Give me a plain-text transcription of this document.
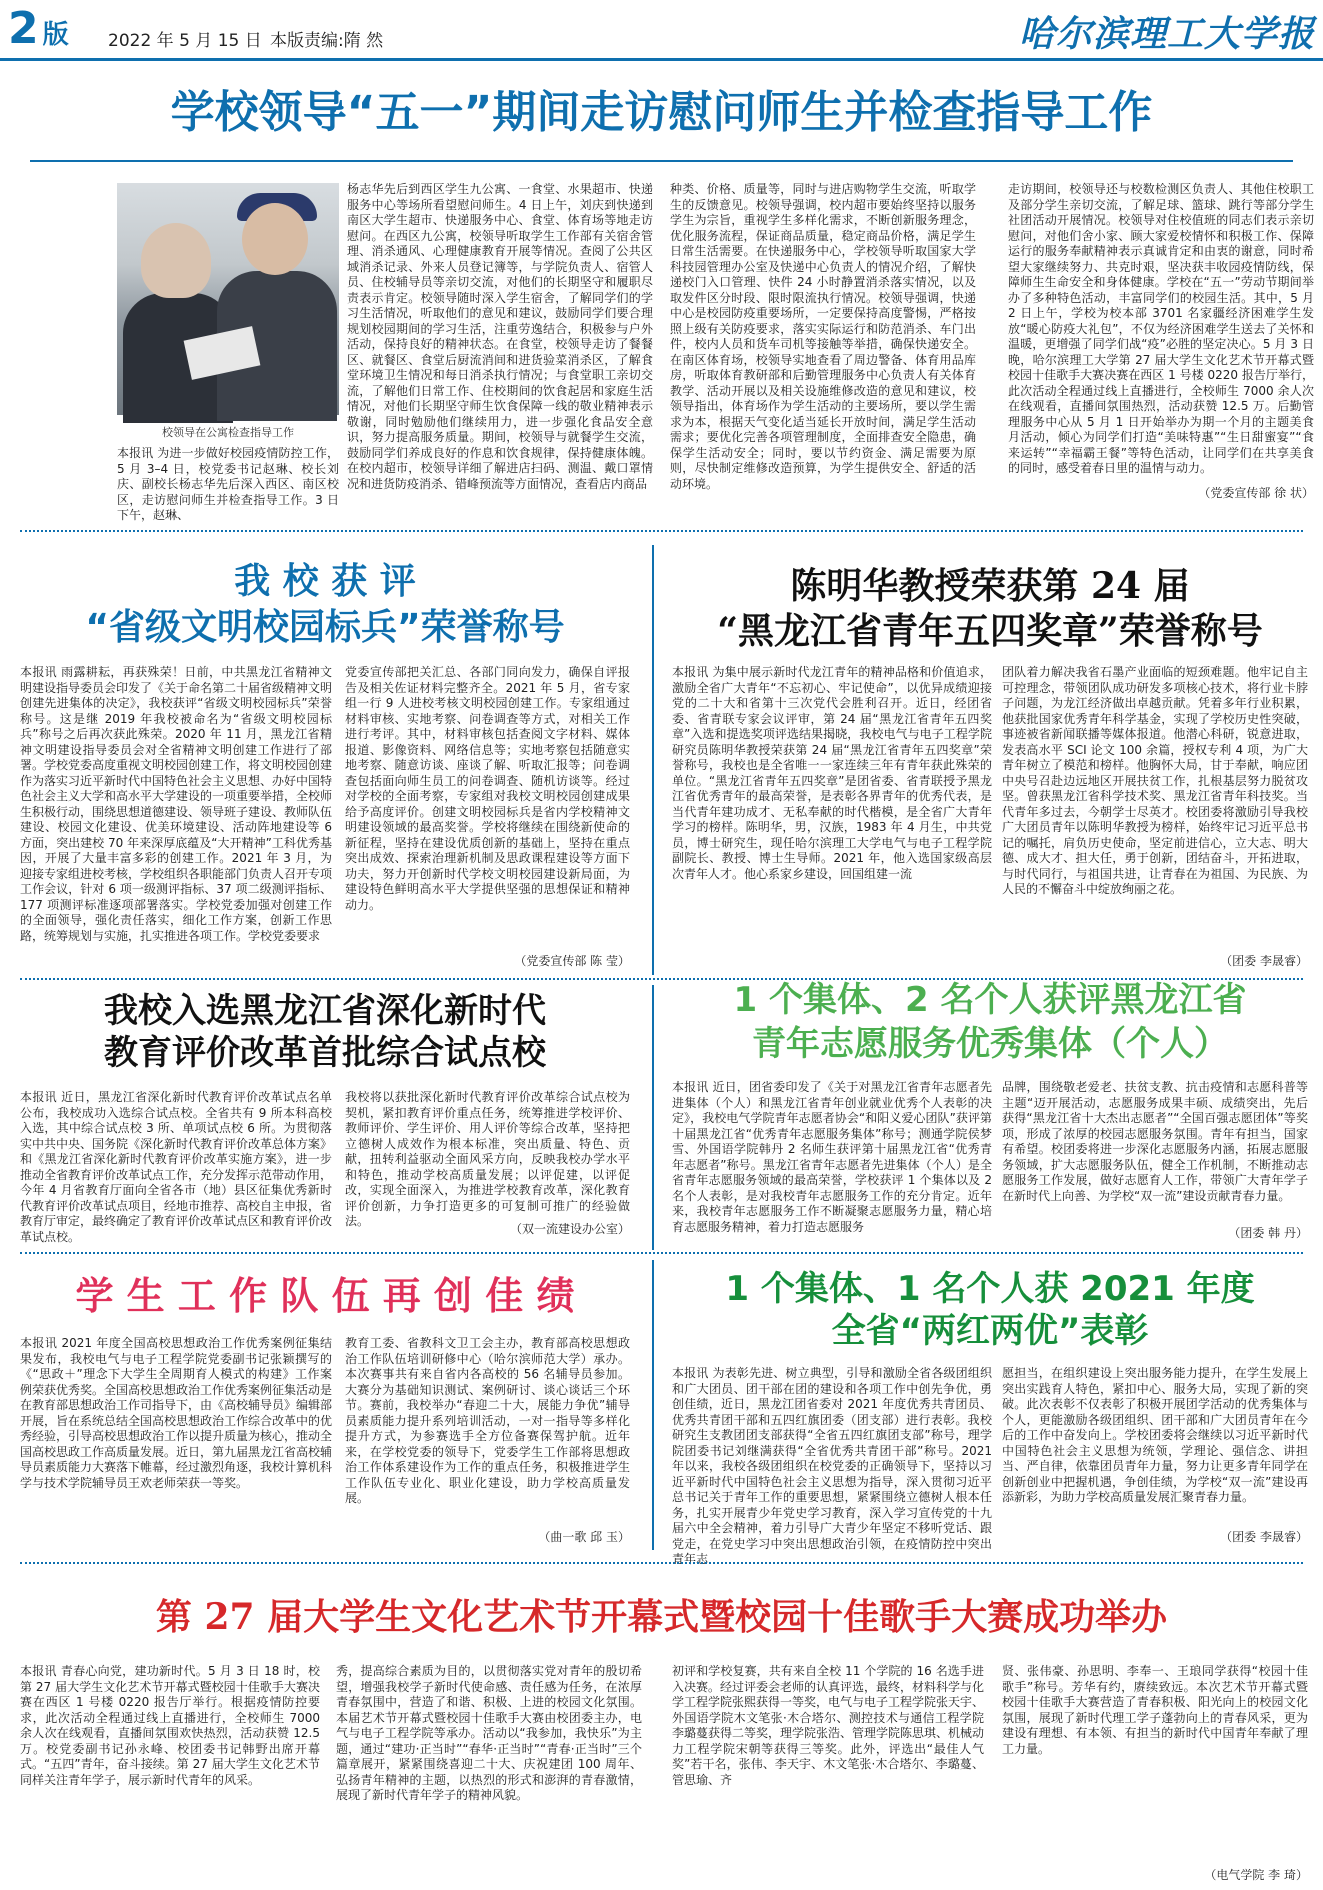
2 版 2022 年 5 月 15 日 本版责编:隋 然	哈尔滨理工大学报
学校领导“五一”期间走访慰问师生并检查指导工作
校领导在公寓检查指导工作
本报讯 为进一步做好校园疫情防控工作，5 月 3–4 日，校党委书记赵琳、校长刘庆、副校长杨志华先后深入西区、南区校区，走访慰问师生并检查指导工作。3 日下午，赵琳、
杨志华先后到西区学生九公寓、一食堂、水果超市、快递服务中心等场所看望慰问师生。4 日上午，刘庆到快递到南区大学生超市、快递服务中心、食堂、体育场等地走访慰问。在西区九公寓，校领导听取学生工作部有关宿舍管理、消杀通风、心理健康教育开展等情况。查阅了公共区域消杀记录、外来人员登记簿等，与学院负责人、宿管人员、住校辅导员等亲切交流，对他们的长期坚守和履职尽责表示肯定。校领导随时深入学生宿舍，了解同学们的学习生活情况，听取他们的意见和建议，鼓励同学们要合理规划校园期间的学习生活，注重劳逸结合，积极参与户外活动，保持良好的精神状态。在食堂，校领导走访了餐餐区、就餐区、食堂后厨流消间和进货验菜消杀区，了解食堂环境卫生情况和每日消杀执行情况；与食堂职工亲切交流，了解他们日常工作、住校期间的饮食起居和家庭生活情况，对他们长期坚守师生饮食保障一线的敬业精神表示敬谢，同时勉励他们继续用力，进一步强化食品安全意识，努力提高服务质量。期间，校领导与就餐学生交流，鼓励同学们养成良好的作息和饮食规律，保持健康体魄。在校内超市，校领导详细了解进店扫码、测温、戴口罩情况和进货防疫消杀、错峰预流等方面情况，查看店内商品
种类、价格、质量等，同时与进店购物学生交流，听取学生的反馈意见。校领导强调，校内超市要始终坚持以服务学生为宗旨，重视学生多样化需求，不断创新服务理念，优化服务流程，保证商品质量，稳定商品价格，满足学生日常生活需要。在快递服务中心，学校领导听取国家大学科技园管理办公室及快递中心负责人的情况介绍，了解快递校门入口管理、快件 24 小时静置消杀落实情况，以及取发件区分时段、限时限流执行情况。校领导强调，快递中心是校园防疫重要场所，一定要保持高度警惕，严格按照上级有关防疫要求，落实实际运行和防范消杀、车门出件，校内人员和货车司机等接触等举措，确保快递安全。在南区体育场，校领导实地查看了周边警备、体育用品库房，听取体育教研部和后勤管理服务中心负责人有关体育教学、活动开展以及相关设施维修改造的意见和建议，校领导指出，体育场作为学生活动的主要场所，要以学生需求为本，根据天气变化适当延长开放时间，满足学生活动需求；要优化完善各项管理制度，全面排查安全隐患，确保学生活动安全；同时，要以节约资金、满足需要为原则，尽快制定维修改造预算，为学生提供安全、舒适的活动环境。
走访期间，校领导还与校数检测区负责人、其他住校职工及部分学生亲切交流，了解足球、篮球、跳行等部分学生社团活动开展情况。校领导对住校值班的同志们表示亲切慰问，对他们舍小家、顾大家爱校情怀和积极工作、保障运行的服务奉献精神表示真诚肯定和由衷的谢意，同时希望大家继续努力、共克时艰，坚决获丰收园疫情防线，保障师生生命安全和身体健康。学校在“五一”劳动节期间举办了多种特色活动，丰富同学们的校园生活。其中，5 月 2 日上午，学校为校本部 3701 名家疆经济困难学生发放“暖心防疫大礼包”，不仅为经济困难学生送去了关怀和温暖，更增强了同学们战“疫”必胜的坚定决心。5 月 3 日晚，哈尔滨理工大学第 27 届大学生文化艺术节开幕式暨校园十佳歌手大赛决赛在西区 1 号楼 0220 报告厅举行，此次活动全程通过线上直播进行，全校师生 7000 余人次在线观看，直播间氛围热烈，活动获赞 12.5 万。后勤管理服务中心从 5 月 1 日开始举办为期一个月的主题美食月活动，倾心为同学们打造“美味特惠”“生日甜蜜宴”“食来运转”“幸福霸王餐”等特色活动，让同学们在共享美食的同时，感受着春日里的温情与动力。
（党委宣传部 徐 状）
我 校 获 评
“省级文明校园标兵”荣誉称号
本报讯 雨露耕耘，再获殊荣！日前，中共黑龙江省精神文明建设指导委员会印发了《关于命名第二十届省级精神文明创建先进集体的决定》，我校获评“省级文明校园标兵”荣誉称号。这是继 2019 年我校被命名为“省级文明校园标兵”称号之后再次获此殊荣。2020 年 11 月，黑龙江省精神文明建设指导委员会对全省精神文明创建工作进行了部署。学校党委高度重视文明校园创建工作，将文明校园创建作为落实习近平新时代中国特色社会主义思想、办好中国特色社会主义大学和高水平大学建设的一项重要举措，全校师生积极行动，围绕思想道德建设、领导班子建设、教师队伍建设、校园文化建设、优美环境建设、活动阵地建设等 6 方面，突出建校 70 年来深厚底蕴及“大开精神”工科优秀基因，开展了大量丰富多彩的创建工作。2021 年 3 月，为迎接专家组进校考核，学校组织各职能部门负责人召开专项工作会议，针对 6 项一级测评指标、37 项二级测评指标、177 项测评标准逐项部署落实。学校党委加强对创建工作的全面领导，强化责任落实，细化工作方案，创新工作思路，统筹规划与实施，扎实推进各项工作。学校党委要求
党委宣传部把关汇总、各部门同向发力，确保自评报告及相关佐证材料完整齐全。2021 年 5 月，省专家组一行 9 人进校考核文明校园创建工作。专家组通过材料审核、实地考察、问卷调查等方式，对相关工作进行考评。其中，材料审核包括查阅文字材料、媒体报道、影像资料、网络信息等；实地考察包括随意实地考察、随意访谈、座谈了解、听取汇报等；问卷调查包括面向师生员工的问卷调查、随机访谈等。经过对学校的全面考察，专家组对我校文明校园创建成果给予高度评价。创建文明校园标兵是省内学校精神文明建设领域的最高奖誉。学校将继续在围绕新使命的新征程，坚持在建设优质创新的基础上，坚持在重点突出成效、探索治理新机制及思政课程建设等方面下功夫，努力开创新时代学校文明校园建设新局面，为建设特色鲜明高水平大学提供坚强的思想保证和精神动力。
（党委宣传部 陈 莹）
陈明华教授荣获第 24 届
“黑龙江省青年五四奖章”荣誉称号
本报讯 为集中展示新时代龙江青年的精神品格和价值追求，激励全省广大青年“不忘初心、牢记使命”，以优异成绩迎接党的二十大和省第十三次党代会胜利召开。近日，经团省委、省青联专家会议评审，第 24 届“黑龙江省青年五四奖章”入选和提选奖项评选结果揭晓，我校电气与电子工程学院研究员陈明华教授荣获第 24 届“黑龙江省青年五四奖章”荣誉称号，我校也是全省唯一一家连续三年有青年获此殊荣的单位。“黑龙江省青年五四奖章”是团省委、省青联授予黑龙江省优秀青年的最高荣誉，是表彰各界青年的优秀代表，是当代青年建功成才、无私奉献的时代楷模，是全省广大青年学习的榜样。陈明华，男，汉族，1983 年 4 月生，中共党员，博士研究生，现任哈尔滨理工大学电气与电子工程学院副院长、教授、博士生导师。2021 年，他入选国家级高层次青年人才。他心系家乡建设，回国组建一流
团队着力解决我省石墨产业面临的短颈难题。他牢记自主可控理念，带领团队成功研发多项核心技术，将行业卡脖子问题，为龙江经济做出卓越贡献。凭着多年行业积累，他获批国家优秀青年科学基金，实现了学校历史性突破，事迹被省新闻联播等媒体报道。他潜心科研，锐意进取，发表高水平 SCI 论文 100 余篇，授权专利 4 项，为广大青年树立了模范和榜样。他胸怀大局，甘于奉献，响应团中央号召赴边远地区开展扶贫工作，扎根基层努力脱贫攻坚。曾获黑龙江省科学技术奖、黑龙江省青年科技奖。当代青年多过去，今朝学士尽英才。校团委将激励引导我校广大团员青年以陈明华教授为榜样，始终牢记习近平总书记的嘱托，肩负历史使命，坚定前进信心，立大志、明大德、成大才、担大任，勇于创新，团结奋斗，开拓进取，与时代同行，与祖国共进，让青春在为祖国、为民族、为人民的不懈奋斗中绽放绚丽之花。
（团委 李晟睿）
我校入选黑龙江省深化新时代
教育评价改革首批综合试点校
本报讯 近日，黑龙江省深化新时代教育评价改革试点名单公布，我校成功入选综合试点校。全省共有 9 所本科高校入选，其中综合试点校 3 所、单项试点校 6 所。为贯彻落实中共中央、国务院《深化新时代教育评价改革总体方案》和《黑龙江省深化新时代教育评价改革实施方案》，进一步推动全省教育评价改革试点工作，充分发挥示范带动作用，今年 4 月省教育厅面向全省各市（地）县区征集优秀新时代教育评价改革试点项目，经地市推荐、高校自主申报，省教育厅审定，最终确定了教育评价改革试点区和教育评价改革试点校。
我校将以获批深化新时代教育评价改革综合试点校为契机，紧扣教育评价重点任务，统筹推进学校评价、教师评价、学生评价、用人评价等综合改革，坚持把立德树人成效作为根本标准，突出质量、特色、贡献，扭转利益驱动全面风采方向，反映我校办学水平和特色，推动学校高质量发展；以评促建，以评促改，实现全面深入，为推进学校教育改革，深化教育评价创新，力争打造更多的可复制可推广的经验做法。
（双一流建设办公室）
1 个集体、2 名个人获评黑龙江省
青年志愿服务优秀集体（个人）
本报讯 近日，团省委印发了《关于对黑龙江省青年志愿者先进集体（个人）和黑龙江省青年创业就业优秀个人表彰的决定》，我校电气学院青年志愿者协会“和阳义爱心团队”获评第十届黑龙江省“优秀青年志愿服务集体”称号；测通学院侯梦雪、外国语学院韩丹 2 名师生获评第十届黑龙江省“优秀青年志愿者”称号。黑龙江省青年志愿者先进集体（个人）是全省青年志愿服务领域的最高荣誉，学校获评 1 个集体以及 2 名个人表彰，是对我校青年志愿服务工作的充分肯定。近年来，我校青年志愿服务工作不断凝聚志愿服务力量，精心培育志愿服务精神，着力打造志愿服务
品牌，围绕敬老爱老、扶贫支教、抗击疫情和志愿科普等主题“迈开展活动，志愿服务成果丰硕、成绩突出，先后获得“黑龙江省十大杰出志愿者”“全国百强志愿团体”等奖项，形成了浓厚的校园志愿服务氛围。青年有担当，国家有希望。校团委将进一步深化志愿服务内涵，拓展志愿服务领域，扩大志愿服务队伍，健全工作机制，不断推动志愿服务工作发展，做好志愿育人工作，带领广大青年学子在新时代上向善、为学校“双一流”建设贡献青春力量。
（团委 韩 丹）
学 生 工 作 队 伍 再 创 佳 绩
本报讯 2021 年度全国高校思想政治工作优秀案例征集结果发布，我校电气与电子工程学院党委副书记张颖撰写的《“思政＋”理念下大学生全周期育人模式的构建》工作案例荣获优秀奖。全国高校思想政治工作优秀案例征集活动是在教育部思想政治工作司指导下，由《高校辅导员》编辑部开展，旨在系统总结全国高校思想政治工作综合改革中的优秀经验，引导高校思想政治工作以提升质量为核心，推动全国高校思政工作高质量发展。近日，第九届黑龙江省高校辅导员素质能力大赛落下帷幕，经过激烈角逐，我校计算机科学与技术学院辅导员王欢老师荣获一等奖。
教育工委、省教科文卫工会主办，教育部高校思想政治工作队伍培训研修中心（哈尔滨师范大学）承办。本次赛事共有来自省内各高校的 56 名辅导员参加。大赛分为基础知识测试、案例研讨、谈心谈话三个环节。赛前，我校举办“春迎二十大，展能力争优”辅导员素质能力提升系列培训活动，一对一指导等多样化提升方式，为参赛选手全方位备赛保驾护航。近年来，在学校党委的领导下，党委学生工作部将思想政治工作体系建设作为工作的重点任务，积极推进学生工作队伍专业化、职业化建设，助力学校高质量发展。
（曲一歌 邱 玉）
1 个集体、1 名个人获 2021 年度
全省“两红两优”表彰
本报讯 为表彰先进、树立典型，引导和激励全省各级团组织和广大团员、团干部在团的建设和各项工作中创先争优，勇创佳绩，近日，黑龙江团省委对 2021 年度优秀共青团员、优秀共青团干部和五四红旗团委（团支部）进行表彰。我校研究生支教团团支部获得“全省五四红旗团支部”称号，理学院团委书记刘继满获得“全省优秀共青团干部”称号。2021 年以来，我校各级团组织在校党委的正确领导下，坚持以习近平新时代中国特色社会主义思想为指导，深入贯彻习近平总书记关于青年工作的重要思想，紧紧围绕立德树人根本任务，扎实开展青少年党史学习教育，深入学习宣传党的十九届六中全会精神，着力引导广大青少年坚定不移听党话、跟党走，在党史学习中突出思想政治引领，在疫情防控中突出青年志
愿担当，在组织建设上突出服务能力提升，在学生发展上突出实践育人特色，紧扣中心、服务大局，实现了新的突破。此次表彰不仅表彰了积极开展团学活动的优秀集体与个人，更能激励各级团组织、团干部和广大团员青年在今后的工作中奋发向上。学校团委将会继续以习近平新时代中国特色社会主义思想为统领，学理论、强信念、讲担当、严自律，依靠团员青年力量，努力让更多青年同学在创新创业中把握机遇，争创佳绩，为学校“双一流”建设再添新彩，为助力学校高质量发展汇聚青春力量。
（团委 李晟睿）
第 27 届大学生文化艺术节开幕式暨校园十佳歌手大赛成功举办
本报讯 青春心向党，建功新时代。5 月 3 日 18 时，校第 27 届大学生文化艺术节开幕式暨校园十佳歌手大赛决赛在西区 1 号楼 0220 报告厅举行。根据疫情防控要求，此次活动全程通过线上直播进行，全校师生 7000 余人次在线观看，直播间氛围欢快热烈，活动获赞 12.5 万。校党委副书记孙永峰、校团委书记韩野出席开幕式。“五四”青年，奋斗接续。第 27 届大学生文化艺术节同样关注青年学子，展示新时代青年的风采。
秀，提高综合素质为目的，以贯彻落实党对青年的殷切希望，增强我校学子新时代使命感、责任感为任务，在浓厚青春氛围中，营造了和谐、积极、上进的校园文化氛围。本届艺术节开幕式暨校园十佳歌手大赛由校团委主办，电气与电子工程学院等承办。活动以“我参加，我快乐”为主题，通过“建功·正当时”“春华·正当时”“青春·正当时”三个篇章展开，紧紧围绕喜迎二十大、庆祝建团 100 周年、弘扬青年精神的主题，以热烈的形式和澎湃的青春激情，展现了新时代青年学子的精神风貌。
初评和学校复赛，共有来自全校 11 个学院的 16 名选手进入决赛。经过评委会老师的认真评选，最终，材料科学与化学工程学院张熙获得一等奖，电气与电子工程学院张天宇、外国语学院木文笔张·木合塔尔、测控技术与通信工程学院李璐蔓获得二等奖，理学院张浩、管理学院陈思琪、机械动力工程学院宋朝等获得三等奖。此外，评选出“最佳人气奖”若干名，张伟、李天宇、木文笔张·木合塔尔、李璐蔓、管思瑜、齐
贤、张伟豪、孙思明、李奉一、王琅同学获得“校园十佳歌手”称号。芳华有约，赓续致远。本次艺术节开幕式暨校园十佳歌手大赛营造了青春积极、阳光向上的校园文化氛围，展现了新时代理工学子蓬勃向上的青春风采，更为建设有理想、有本领、有担当的新时代中国青年奉献了理工力量。
（电气学院 李 琦）
